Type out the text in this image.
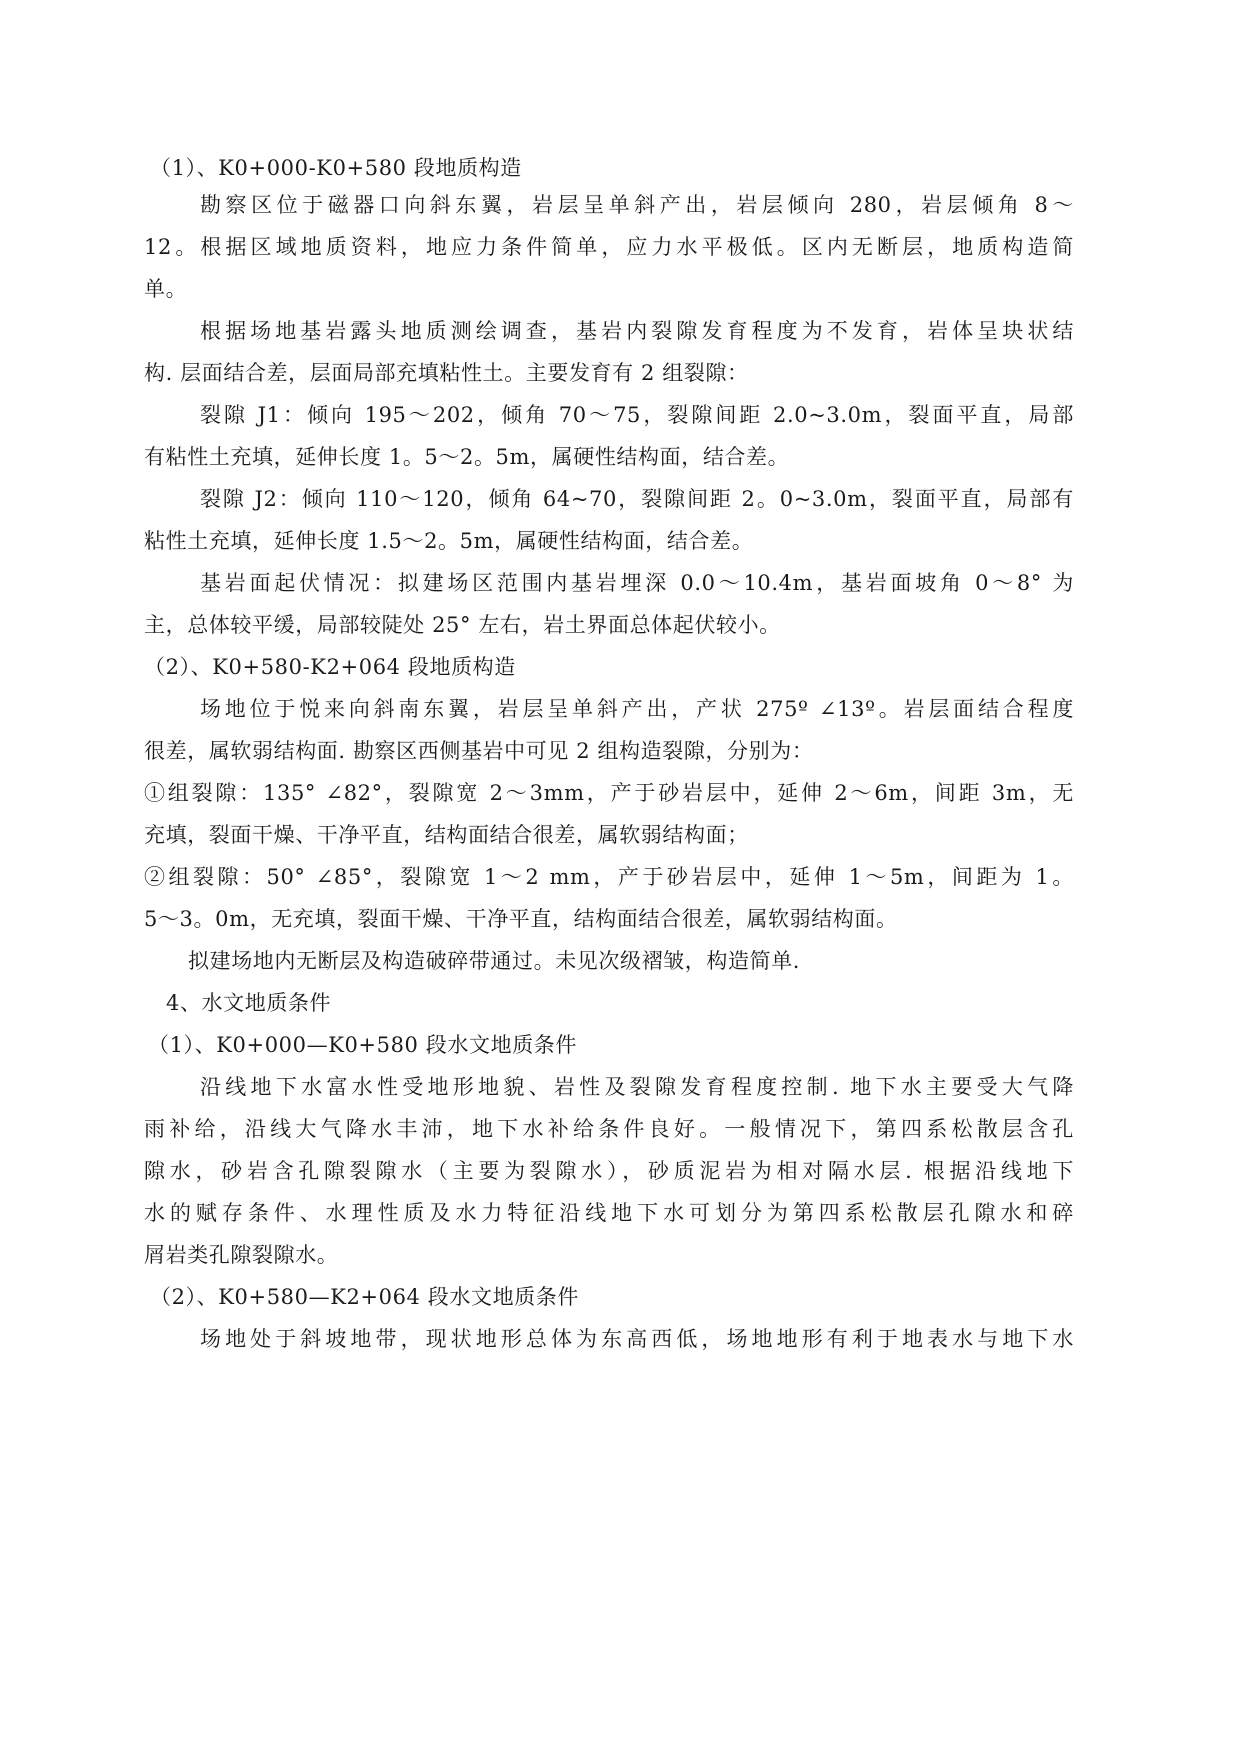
（1）、K0+000-K0+580 段地质构造
勘察区位于磁器口向斜东翼，岩层呈单斜产出，岩层倾向 280，岩层倾角 8～
12。根据区域地质资料，地应力条件简单，应力水平极低。区内无断层，地质构造简
单。
根据场地基岩露头地质测绘调查，基岩内裂隙发育程度为不发育，岩体呈块状结
构. 层面结合差，层面局部充填粘性土。主要发育有 2 组裂隙：
裂隙 J1：倾向 195～202，倾角 70～75，裂隙间距 2.0~3.0m，裂面平直，局部
有粘性土充填，延伸长度 1。5～2。5m，属硬性结构面，结合差。
裂隙 J2：倾向 110～120，倾角 64~70，裂隙间距 2。0~3.0m，裂面平直，局部有
粘性土充填，延伸长度 1.5～2。5m，属硬性结构面，结合差。
基岩面起伏情况：拟建场区范围内基岩埋深 0.0～10.4m，基岩面坡角 0～8° 为
主，总体较平缓，局部较陡处 25° 左右，岩土界面总体起伏较小。
（2）、K0+580-K2+064 段地质构造
场地位于悦来向斜南东翼，岩层呈单斜产出，产状 275º ∠13º。岩层面结合程度
很差，属软弱结构面. 勘察区西侧基岩中可见 2 组构造裂隙，分别为：
①组裂隙：135° ∠82°，裂隙宽 2～3mm，产于砂岩层中，延伸 2～6m，间距 3m，无
充填，裂面干燥、干净平直，结构面结合很差，属软弱结构面；
②组裂隙：50° ∠85°，裂隙宽 1～2 mm，产于砂岩层中，延伸 1～5m，间距为 1。
5～3。0m，无充填，裂面干燥、干净平直，结构面结合很差，属软弱结构面。
拟建场地内无断层及构造破碎带通过。未见次级褶皱，构造简单.
4、水文地质条件
（1）、K0+000—K0+580 段水文地质条件
沿线地下水富水性受地形地貌、岩性及裂隙发育程度控制. 地下水主要受大气降
雨补给，沿线大气降水丰沛，地下水补给条件良好。一般情况下，第四系松散层含孔
隙水，砂岩含孔隙裂隙水（主要为裂隙水），砂质泥岩为相对隔水层. 根据沿线地下
水的赋存条件、水理性质及水力特征沿线地下水可划分为第四系松散层孔隙水和碎
屑岩类孔隙裂隙水。
（2）、K0+580—K2+064 段水文地质条件
场地处于斜坡地带，现状地形总体为东高西低，场地地形有利于地表水与地下水
